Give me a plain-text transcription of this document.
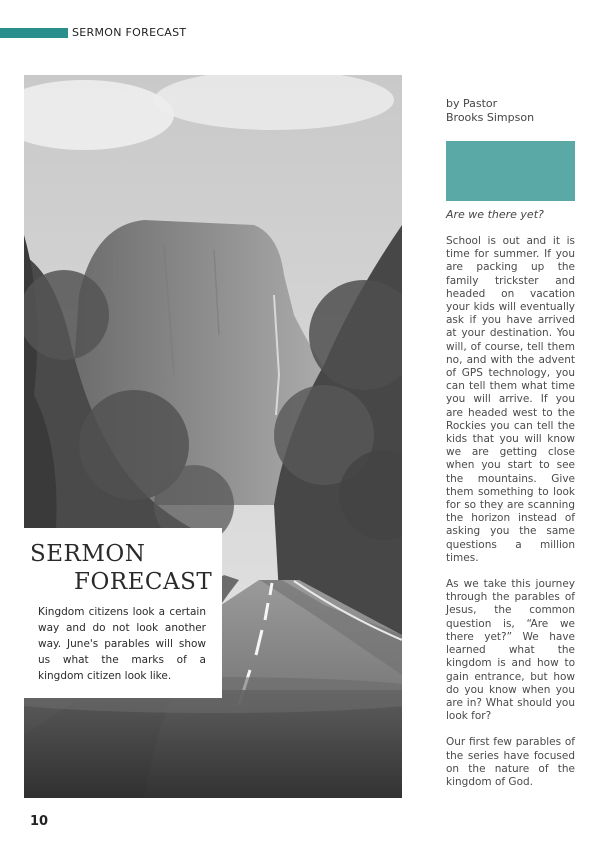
SERMON FORECAST
SERMON
FORECAST
Kingdom citizens look a certain way and do not look another way. June's parables will show us what the marks of a kingdom citizen look like.
by Pastor
Brooks Simpson
Are we there yet?

School is out and it is time for summer. If you are packing up the family trickster and headed on vacation your kids will eventually ask if you have arrived at your destination. You will, of course, tell them no, and with the advent of GPS technology, you can tell them what time you will arrive. If you are headed west to the Rockies you can tell the kids that you will know we are getting close when you start to see the mountains. Give them something to look for so they are scanning the horizon instead of asking you the same questions a million times.

As we take this journey through the parables of Jesus, the common question is, “Are we there yet?” We have learned what the kingdom is and how to gain entrance, but how do you know when you are in? What should you look for?

Our first few parables of the series have focused on the nature of the kingdom of God.

10
